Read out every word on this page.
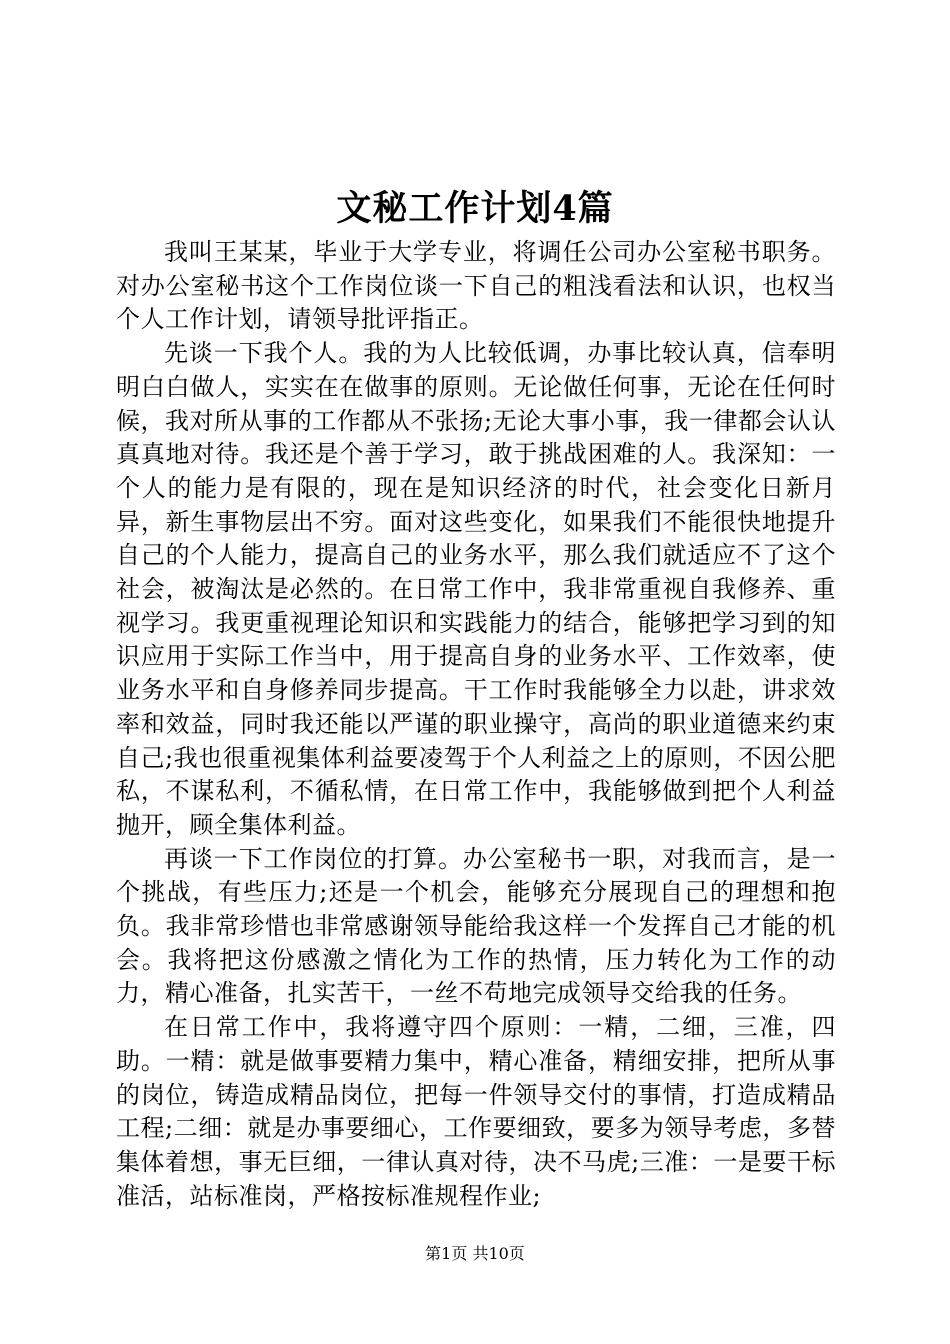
文秘工作计划4篇

我叫王某某，毕业于大学专业，将调任公司办公室秘书职务。对办公室秘书这个工作岗位谈一下自己的粗浅看法和认识，也权当个人工作计划，请领导批评指正。

先谈一下我个人。我的为人比较低调，办事比较认真，信奉明明白白做人，实实在在做事的原则。无论做任何事，无论在任何时候，我对所从事的工作都从不张扬;无论大事小事，我一律都会认认真真地对待。我还是个善于学习，敢于挑战困难的人。我深知：一个人的能力是有限的，现在是知识经济的时代，社会变化日新月异，新生事物层出不穷。面对这些变化，如果我们不能很快地提升自己的个人能力，提高自己的业务水平，那么我们就适应不了这个社会，被淘汰是必然的。在日常工作中，我非常重视自我修养、重视学习。我更重视理论知识和实践能力的结合，能够把学习到的知识应用于实际工作当中，用于提高自身的业务水平、工作效率，使业务水平和自身修养同步提高。干工作时我能够全力以赴，讲求效率和效益，同时我还能以严谨的职业操守，高尚的职业道德来约束自己;我也很重视集体利益要凌驾于个人利益之上的原则，不因公肥私，不谋私利，不循私情，在日常工作中，我能够做到把个人利益抛开，顾全集体利益。

再谈一下工作岗位的打算。办公室秘书一职，对我而言，是一个挑战，有些压力;还是一个机会，能够充分展现自己的理想和抱负。我非常珍惜也非常感谢领导能给我这样一个发挥自己才能的机会。我将把这份感激之情化为工作的热情，压力转化为工作的动力，精心准备，扎实苦干，一丝不苟地完成领导交给我的任务。

在日常工作中，我将遵守四个原则：一精，二细，三准，四助。一精：就是做事要精力集中，精心准备，精细安排，把所从事的岗位，铸造成精品岗位，把每一件领导交付的事情，打造成精品工程;二细：就是办事要细心，工作要细致，要多为领导考虑，多替集体着想，事无巨细，一律认真对待，决不马虎;三准：一是要干标准活，站标准岗，严格按标准规程作业;

第1页 共10页
